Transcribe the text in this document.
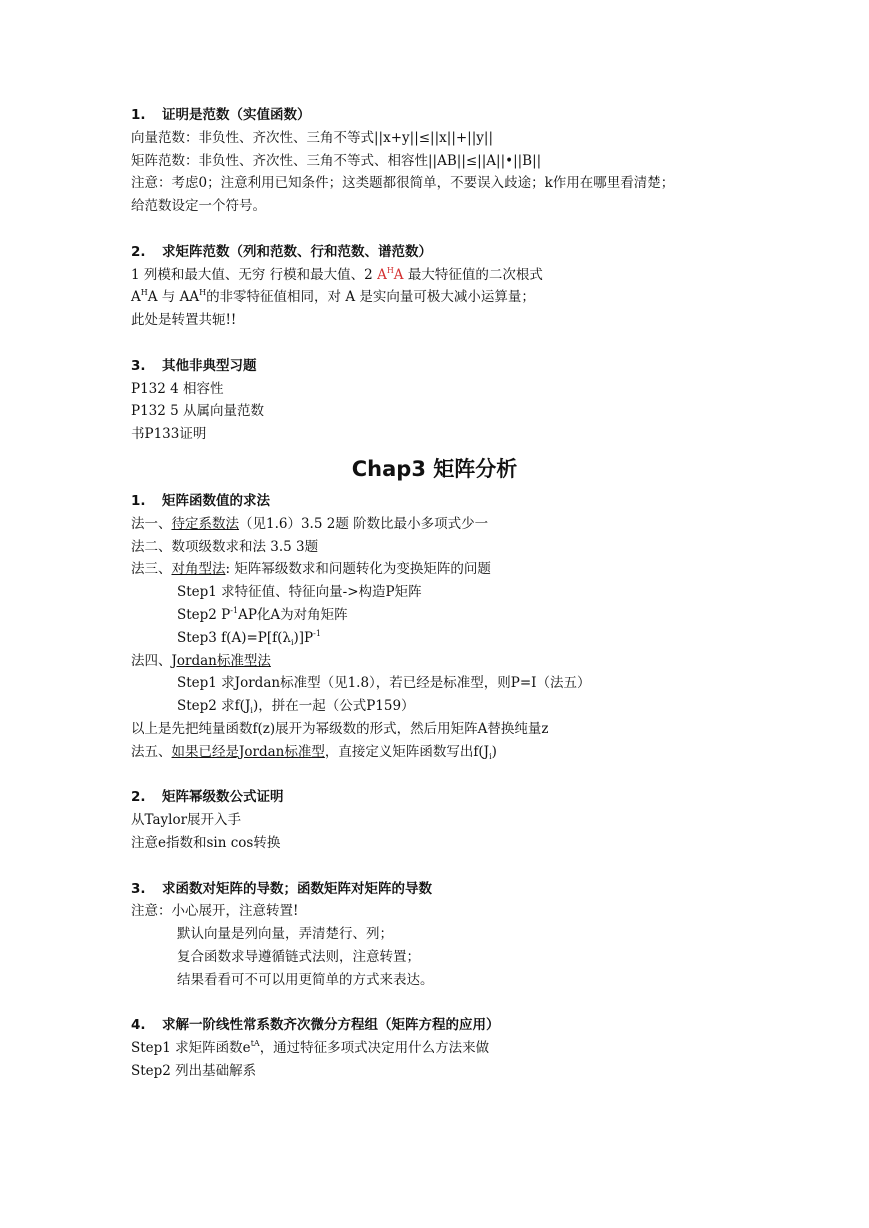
1. 证明是范数（实值函数）
向量范数：非负性、齐次性、三角不等式||x+y||≤||x||+||y||
矩阵范数：非负性、齐次性、三角不等式、相容性||AB||≤||A||•||B||
注意：考虑0；注意利用已知条件；这类题都很简单，不要误入歧途；k作用在哪里看清楚；
给范数设定一个符号。
2. 求矩阵范数（列和范数、行和范数、谱范数）
1 列模和最大值、无穷 行模和最大值、2 $A^HA$ 最大特征值的二次根式
$A^HA$ 与 $AA^H$的非零特征值相同，对 A 是实向量可极大减小运算量；
此处是转置共轭!!
3. 其他非典型习题
P132 4 相容性
P132 5 从属向量范数
书P133证明
Chap3 矩阵分析
1. 矩阵函数值的求法
法一、待定系数法（见1.6）3.5 2题 阶数比最小多项式少一
法二、数项级数求和法 3.5 3题
法三、对角型法: 矩阵幂级数求和问题转化为变换矩阵的问题
Step1 求特征值、特征向量->构造P矩阵
Step2 $P^{-1}AP$化A为对角矩阵
Step3 $f(A)=P[f(\lambda_i)]P^{-1}$
法四、Jordan标准型法
Step1 求Jordan标准型（见1.8），若已经是标准型，则P=I（法五）
Step2 求$f(J_i)$，拼在一起（公式P159）
以上是先把纯量函数f(z)展开为幂级数的形式，然后用矩阵A替换纯量z
法五、如果已经是Jordan标准型，直接定义矩阵函数写出$f(J_i)$
2. 矩阵幂级数公式证明
从Taylor展开入手
注意e指数和sin cos转换
3. 求函数对矩阵的导数；函数矩阵对矩阵的导数
注意：小心展开，注意转置!
默认向量是列向量，弄清楚行、列；
复合函数求导遵循链式法则，注意转置；
结果看看可不可以用更简单的方式来表达。
4. 求解一阶线性常系数齐次微分方程组（矩阵方程的应用）
Step1 求矩阵函数$e^{tA}$，通过特征多项式决定用什么方法来做
Step2 列出基础解系
